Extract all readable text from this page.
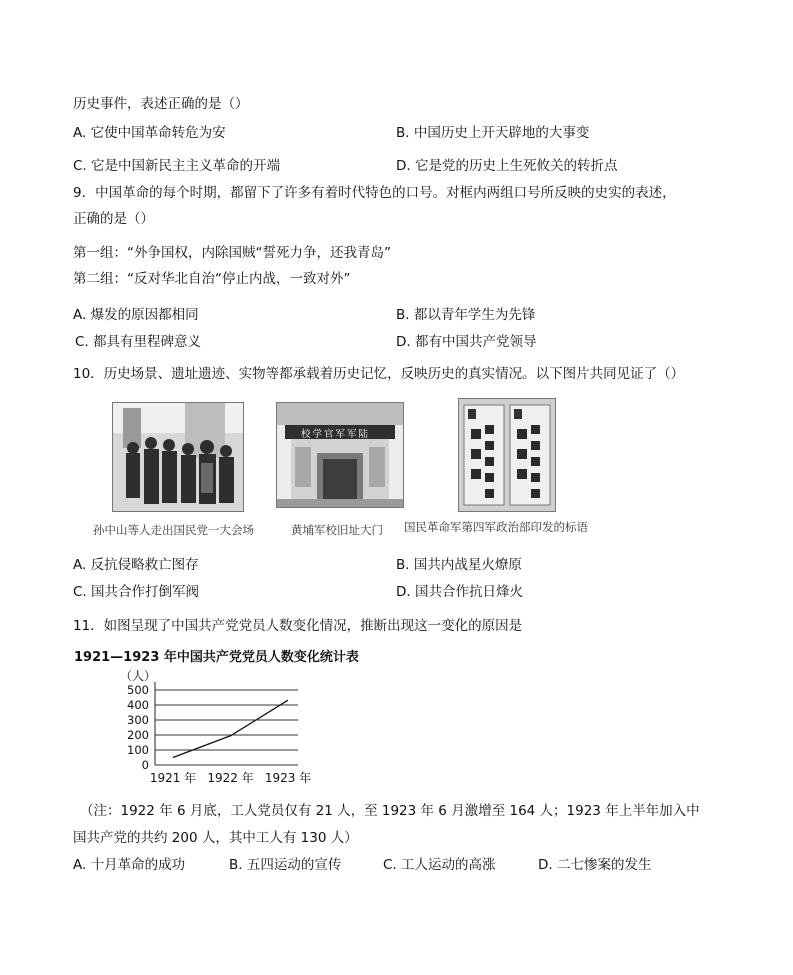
历史事件，表述正确的是（）
A. 它使中国革命转危为安	B. 中国历史上开天辟地的大事变
C. 它是中国新民主主义革命的开端	D. 它是党的历史上生死攸关的转折点
9．中国革命的每个时期，都留下了许多有着时代特色的口号。对框内两组口号所反映的史实的表述，
正确的是（）
第一组：“外争国权，内除国贼“誓死力争，还我青岛”
第二组：“反对华北自治“停止内战，一致对外”
A. 爆发的原因都相同	B. 都以青年学生为先锋
C. 都具有里程碑意义	D. 都有中国共产党领导
10．历史场景、遗址遗迹、实物等都承载着历史记忆，反映历史的真实情况。以下图片共同见证了（）
孙中山等人走出国民党一大会场
校学官军军陆
黄埔军校旧址大门 国民革命军第四军政治部印发的标语
A. 反抗侵略救亡图存	B. 国共内战星火燎原
C. 国共合作打倒军阀	D. 国共合作抗日烽火
11．如图呈现了中国共产党党员人数变化情况，推断出现这一变化的原因是
1921—1923 年中国共产党党员人数变化统计表
（人）
0
100
200
300
400
500
1921 年 1922 年 1923 年
（注：1922 年 6 月底，工人党员仅有 21 人，至 1923 年 6 月激增至 164 人；1923 年上半年加入中
国共产党的共约 200 人，其中工人有 130 人）
A. 十月革命的成功	B. 五四运动的宣传	C. 工人运动的高涨	D. 二七惨案的发生
